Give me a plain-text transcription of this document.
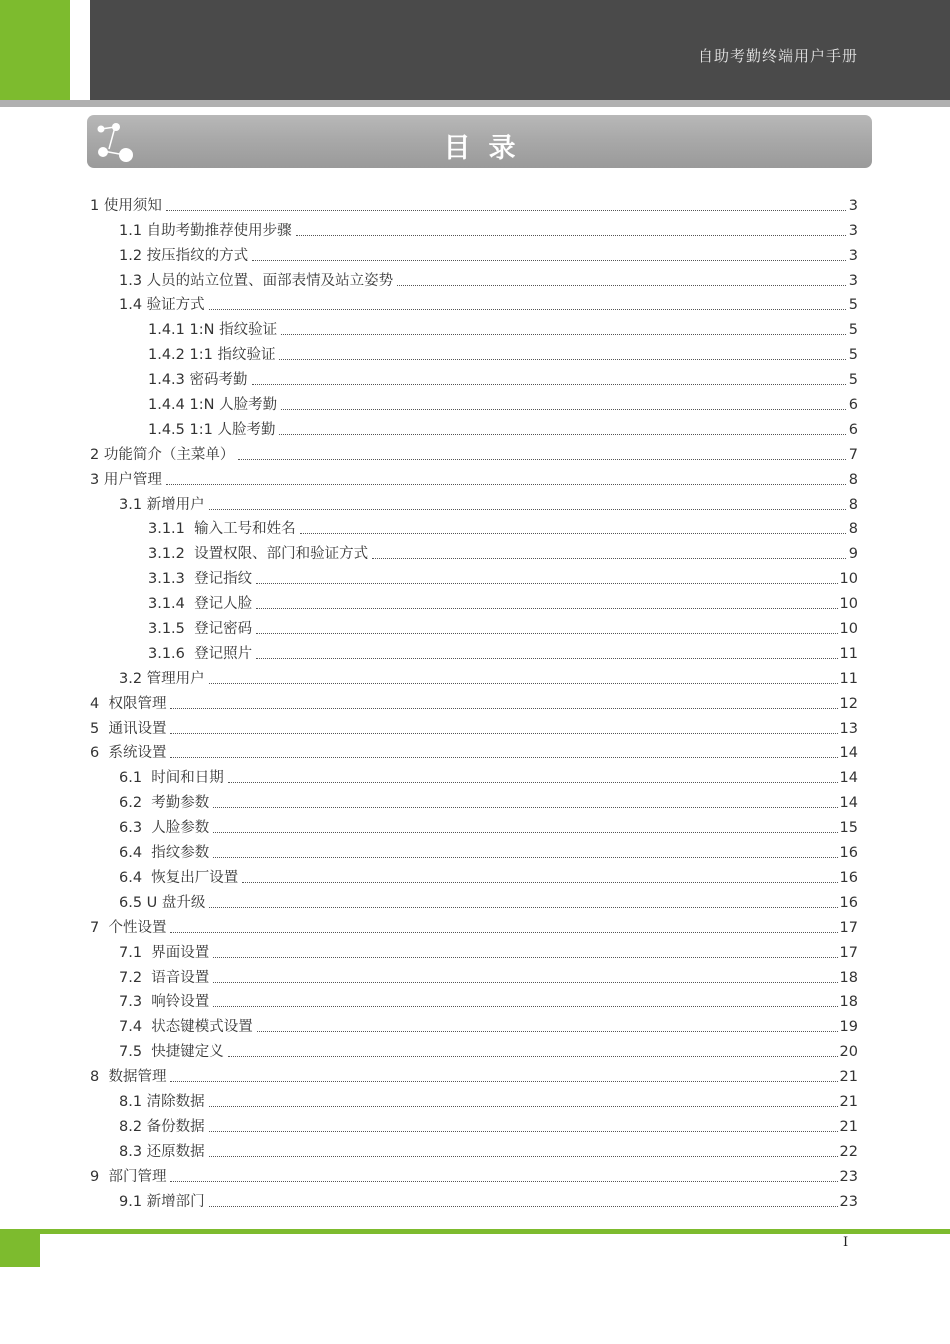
自助考勤终端用户手册
目录
1 使用须知	3
1.1 自助考勤推荐使用步骤	3
1.2 按压指纹的方式	3
1.3 人员的站立位置、面部表情及站立姿势	3
1.4 验证方式	5
1.4.1 1:N 指纹验证	5
1.4.2 1:1 指纹验证	5
1.4.3 密码考勤	5
1.4.4 1:N 人脸考勤	6
1.4.5 1:1 人脸考勤	6
2 功能简介（主菜单）	7
3 用户管理	8
3.1 新增用户	8
3.1.1  输入工号和姓名	8
3.1.2  设置权限、部门和验证方式	9
3.1.3  登记指纹	10
3.1.4  登记人脸	10
3.1.5  登记密码	10
3.1.6  登记照片	11
3.2 管理用户	11
4  权限管理	12
5  通讯设置	13
6  系统设置	14
6.1  时间和日期	14
6.2  考勤参数	14
6.3  人脸参数	15
6.4  指纹参数	16
6.4  恢复出厂设置	16
6.5 U 盘升级	16
7  个性设置	17
7.1  界面设置	17
7.2  语音设置	18
7.3  响铃设置	18
7.4  状态键模式设置	19
7.5  快捷键定义	20
8  数据管理	21
8.1 清除数据	21
8.2 备份数据	21
8.3 还原数据	22
9  部门管理	23
9.1 新增部门	23
I
